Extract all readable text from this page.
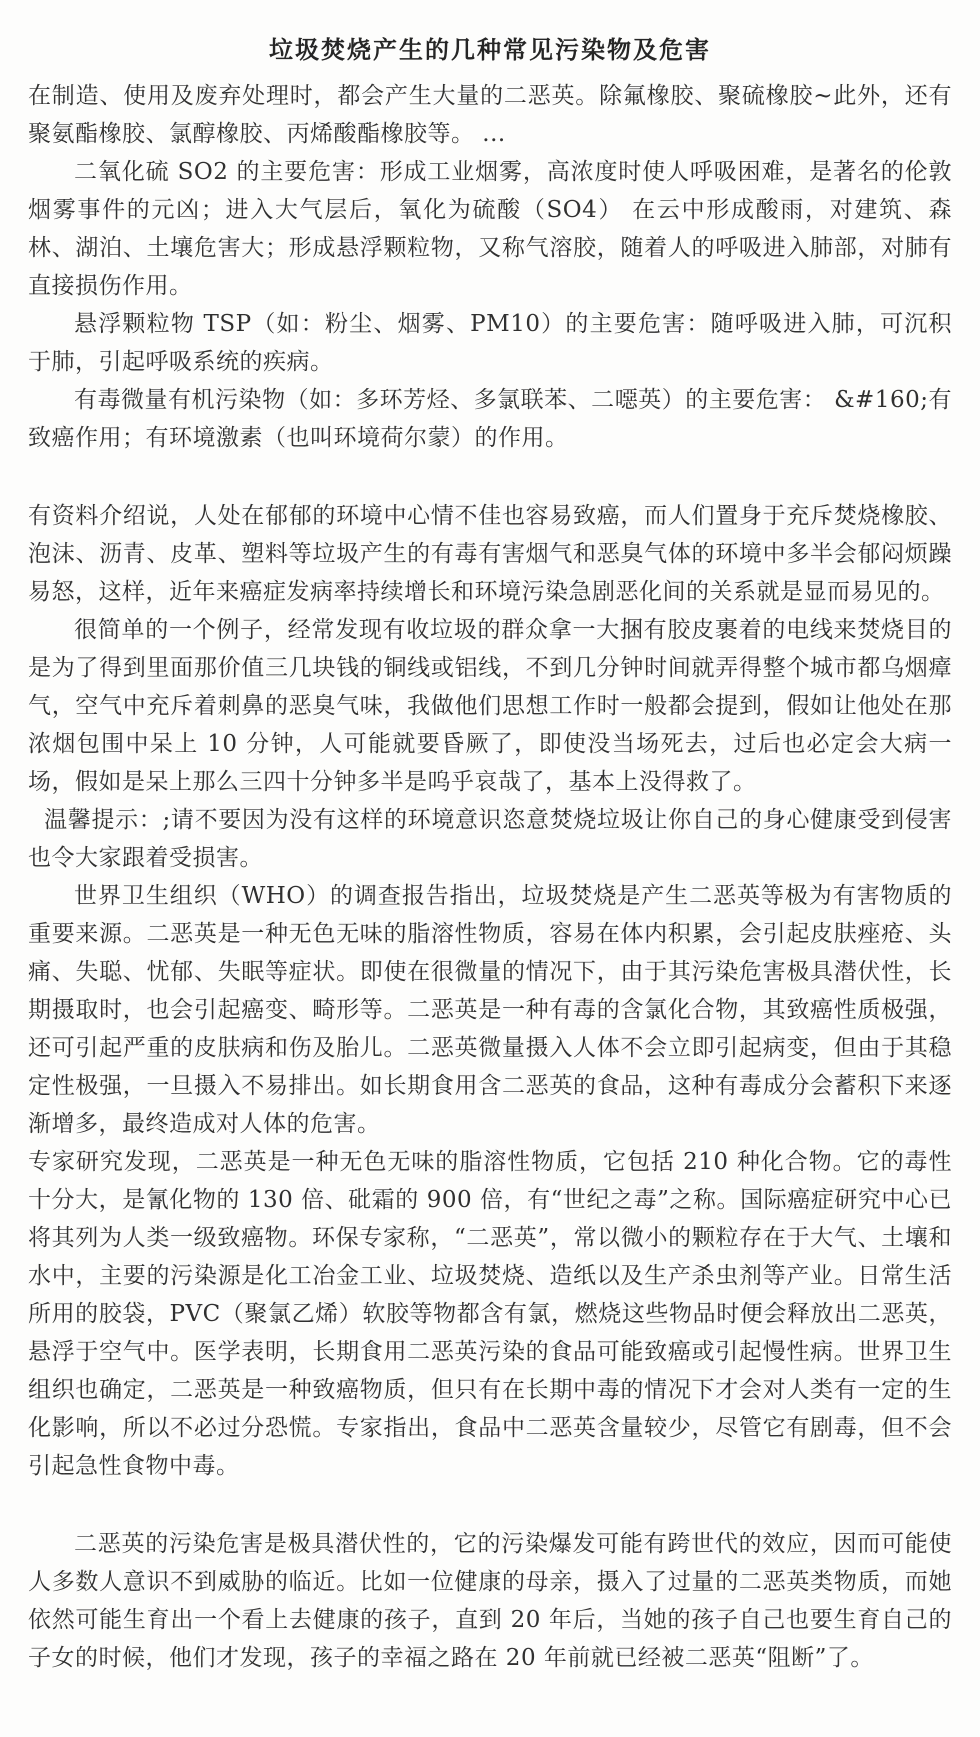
垃圾焚烧产生的几种常见污染物及危害

在制造、使用及废弃处理时，都会产生大量的二恶英。除氟橡胶、聚硫橡胶~此外，还有聚氨酯橡胶、氯醇橡胶、丙烯酸酯橡胶等。 ...

二氧化硫 SO2 的主要危害：形成工业烟雾，高浓度时使人呼吸困难，是著名的伦敦烟雾事件的元凶；进入大气层后，氧化为硫酸（SO4） 在云中形成酸雨，对建筑、森林、湖泊、土壤危害大；形成悬浮颗粒物，又称气溶胶，随着人的呼吸进入肺部，对肺有直接损伤作用。

悬浮颗粒物 TSP（如：粉尘、烟雾、PM10）的主要危害：随呼吸进入肺，可沉积于肺，引起呼吸系统的疾病。

有毒微量有机污染物（如：多环芳烃、多氯联苯、二噁英）的主要危害： &#160;有致癌作用；有环境激素（也叫环境荷尔蒙）的作用。

有资料介绍说，人处在郁郁的环境中心情不佳也容易致癌，而人们置身于充斥焚烧橡胶、泡沫、沥青、皮革、塑料等垃圾产生的有毒有害烟气和恶臭气体的环境中多半会郁闷烦躁易怒，这样，近年来癌症发病率持续增长和环境污染急剧恶化间的关系就是显而易见的。

很简单的一个例子，经常发现有收垃圾的群众拿一大捆有胶皮裹着的电线来焚烧目的是为了得到里面那价值三几块钱的铜线或铝线，不到几分钟时间就弄得整个城市都乌烟瘴气，空气中充斥着刺鼻的恶臭气味，我做他们思想工作时一般都会提到，假如让他处在那浓烟包围中呆上 10 分钟，人可能就要昏厥了，即使没当场死去，过后也必定会大病一场，假如是呆上那么三四十分钟多半是呜乎哀哉了，基本上没得救了。

温馨提示：;请不要因为没有这样的环境意识恣意焚烧垃圾让你自己的身心健康受到侵害也令大家跟着受损害。

世界卫生组织（WHO）的调查报告指出，垃圾焚烧是产生二恶英等极为有害物质的重要来源。二恶英是一种无色无味的脂溶性物质，容易在体内积累，会引起皮肤痤疮、头痛、失聪、忧郁、失眠等症状。即使在很微量的情况下，由于其污染危害极具潜伏性，长期摄取时，也会引起癌变、畸形等。二恶英是一种有毒的含氯化合物，其致癌性质极强，还可引起严重的皮肤病和伤及胎儿。二恶英微量摄入人体不会立即引起病变，但由于其稳定性极强，一旦摄入不易排出。如长期食用含二恶英的食品，这种有毒成分会蓄积下来逐渐增多，最终造成对人体的危害。

专家研究发现，二恶英是一种无色无味的脂溶性物质，它包括 210 种化合物。它的毒性十分大，是氰化物的 130 倍、砒霜的 900 倍，有“世纪之毒”之称。国际癌症研究中心已将其列为人类一级致癌物。环保专家称，“二恶英”，常以微小的颗粒存在于大气、土壤和水中，主要的污染源是化工冶金工业、垃圾焚烧、造纸以及生产杀虫剂等产业。日常生活所用的胶袋，PVC（聚氯乙烯）软胶等物都含有氯，燃烧这些物品时便会释放出二恶英，悬浮于空气中。医学表明，长期食用二恶英污染的食品可能致癌或引起慢性病。世界卫生组织也确定，二恶英是一种致癌物质，但只有在长期中毒的情况下才会对人类有一定的生化影响，所以不必过分恐慌。专家指出，食品中二恶英含量较少，尽管它有剧毒，但不会引起急性食物中毒。

二恶英的污染危害是极具潜伏性的，它的污染爆发可能有跨世代的效应，因而可能使人多数人意识不到威胁的临近。比如一位健康的母亲，摄入了过量的二恶英类物质，而她依然可能生育出一个看上去健康的孩子，直到 20 年后，当她的孩子自己也要生育自己的子女的时候，他们才发现，孩子的幸福之路在 20 年前就已经被二恶英“阻断”了。
